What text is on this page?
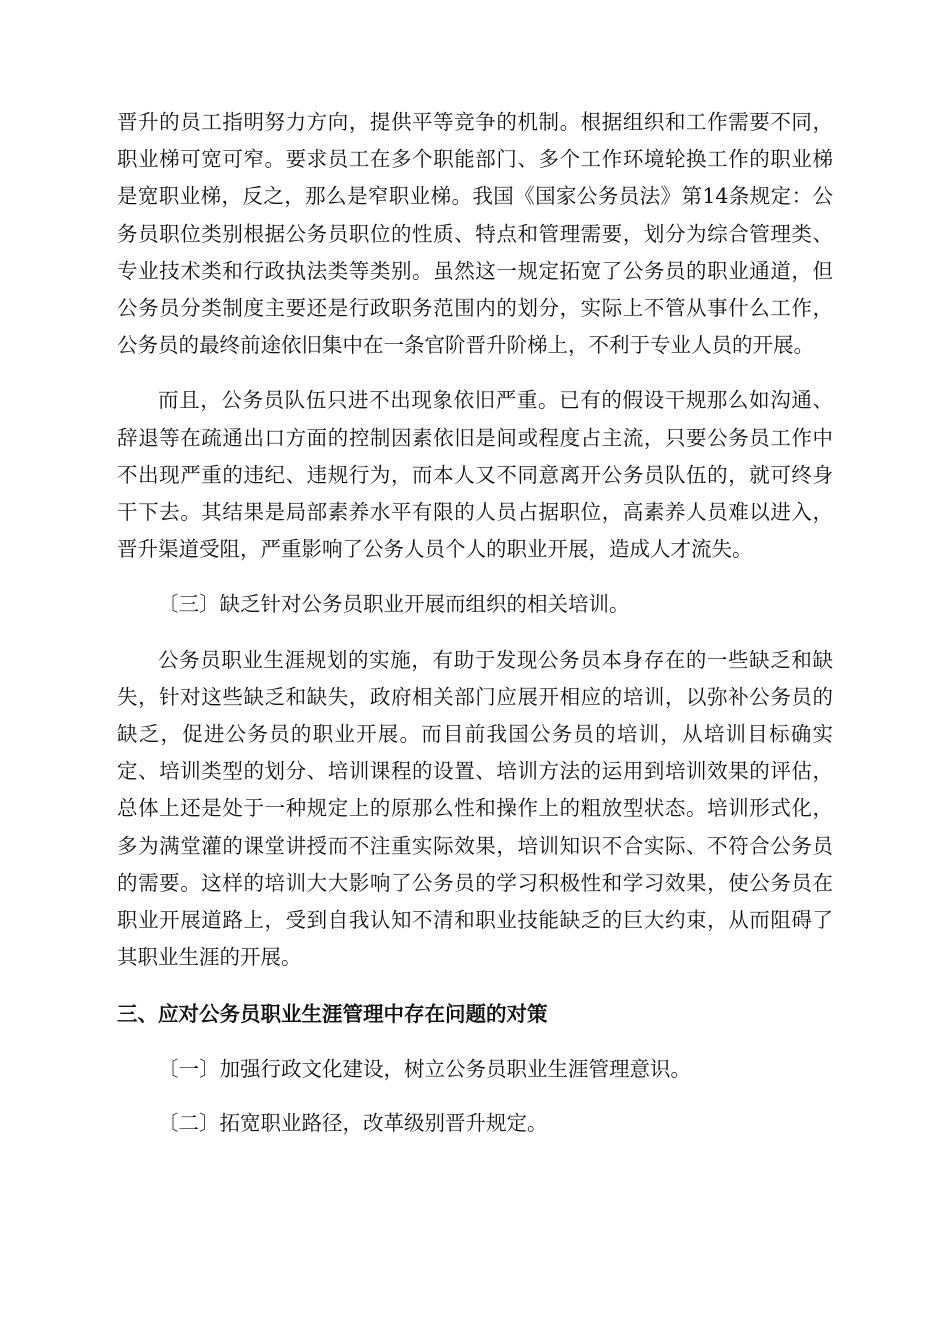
晋升的员工指明努力方向，提供平等竞争的机制。根据组织和工作需要不同，职业梯可宽可窄。要求员工在多个职能部门、多个工作环境轮换工作的职业梯是宽职业梯，反之，那么是窄职业梯。我国《国家公务员法》第14条规定：公务员职位类别根据公务员职位的性质、特点和管理需要，划分为综合管理类、专业技术类和行政执法类等类别。虽然这一规定拓宽了公务员的职业通道，但公务员分类制度主要还是行政职务范围内的划分，实际上不管从事什么工作，公务员的最终前途依旧集中在一条官阶晋升阶梯上，不利于专业人员的开展。

而且，公务员队伍只进不出现象依旧严重。已有的假设干规那么如沟通、辞退等在疏通出口方面的控制因素依旧是间或程度占主流，只要公务员工作中不出现严重的违纪、违规行为，而本人又不同意离开公务员队伍的，就可终身干下去。其结果是局部素养水平有限的人员占据职位，高素养人员难以进入，晋升渠道受阻，严重影响了公务人员个人的职业开展，造成人才流失。

〔三〕缺乏针对公务员职业开展而组织的相关培训。

公务员职业生涯规划的实施，有助于发现公务员本身存在的一些缺乏和缺失，针对这些缺乏和缺失，政府相关部门应展开相应的培训，以弥补公务员的缺乏，促进公务员的职业开展。而目前我国公务员的培训，从培训目标确实定、培训类型的划分、培训课程的设置、培训方法的运用到培训效果的评估，总体上还是处于一种规定上的原那么性和操作上的粗放型状态。培训形式化，多为满堂灌的课堂讲授而不注重实际效果，培训知识不合实际、不符合公务员的需要。这样的培训大大影响了公务员的学习积极性和学习效果，使公务员在职业开展道路上，受到自我认知不清和职业技能缺乏的巨大约束，从而阻碍了其职业生涯的开展。

三、应对公务员职业生涯管理中存在问题的对策

〔一〕加强行政文化建设，树立公务员职业生涯管理意识。

〔二〕拓宽职业路径，改革级别晋升规定。
